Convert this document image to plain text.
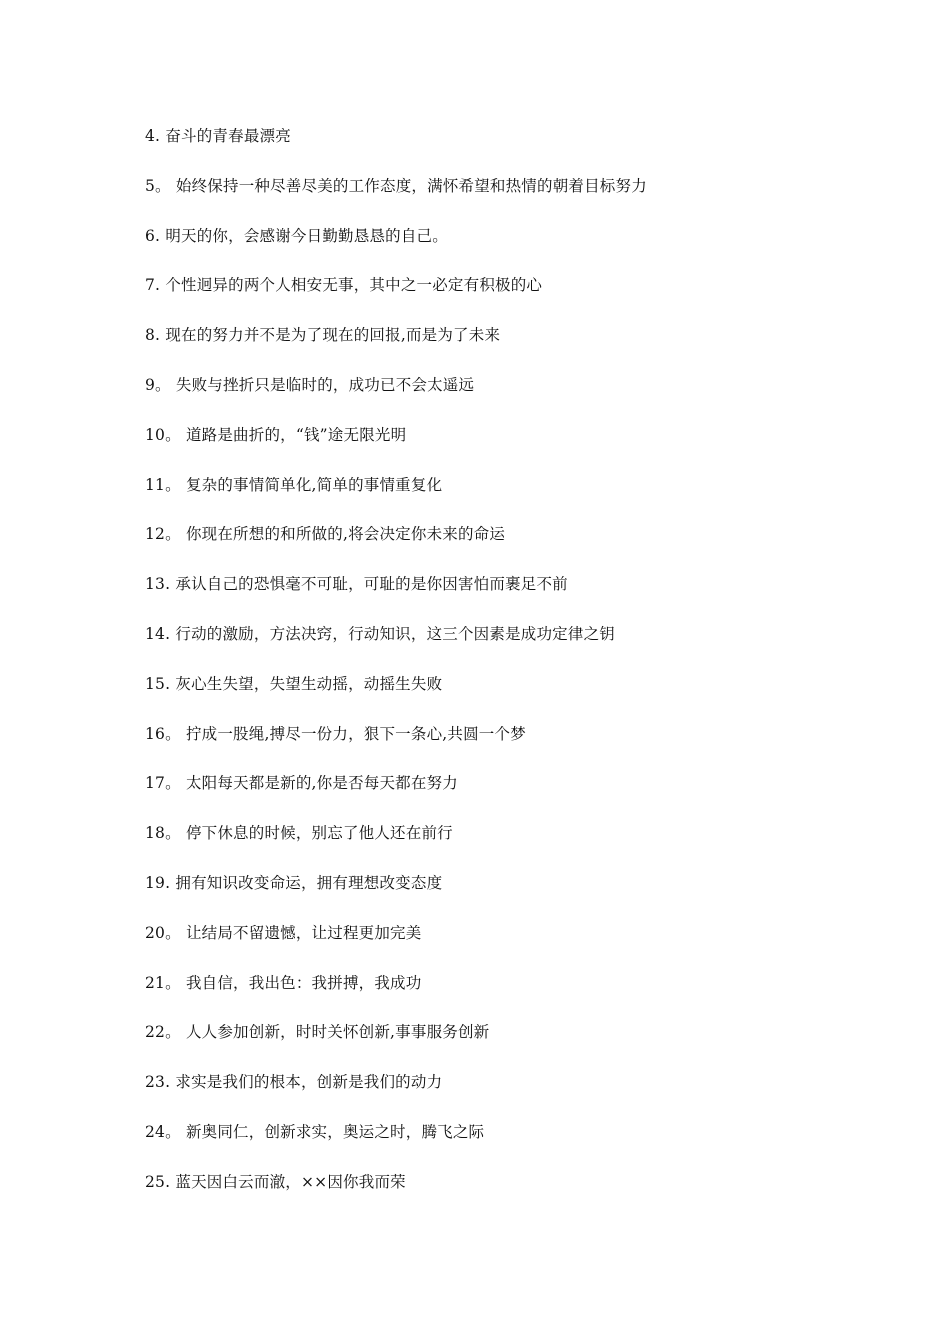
4. 奋斗的青春最漂亮
5。 始终保持一种尽善尽美的工作态度，满怀希望和热情的朝着目标努力
6. 明天的你，会感谢今日勤勤恳恳的自己。
7. 个性迥异的两个人相安无事，其中之一必定有积极的心
8. 现在的努力并不是为了现在的回报,而是为了未来
9。 失败与挫折只是临时的，成功已不会太遥远
10。 道路是曲折的，“钱”途无限光明
11。 复杂的事情简单化,简单的事情重复化
12。 你现在所想的和所做的,将会决定你未来的命运
13. 承认自己的恐惧毫不可耻，可耻的是你因害怕而裹足不前
14. 行动的激励，方法决窍，行动知识，这三个因素是成功定律之钥
15. 灰心生失望，失望生动摇，动摇生失败
16。 拧成一股绳,搏尽一份力，狠下一条心,共圆一个梦
17。 太阳每天都是新的,你是否每天都在努力
18。 停下休息的时候，别忘了他人还在前行
19. 拥有知识改变命运，拥有理想改变态度
20。 让结局不留遗憾，让过程更加完美
21。 我自信，我出色：我拼搏，我成功
22。 人人参加创新，时时关怀创新,事事服务创新
23. 求实是我们的根本，创新是我们的动力
24。 新奥同仁，创新求实，奥运之时，腾飞之际
25. 蓝天因白云而澈，××因你我而荣
